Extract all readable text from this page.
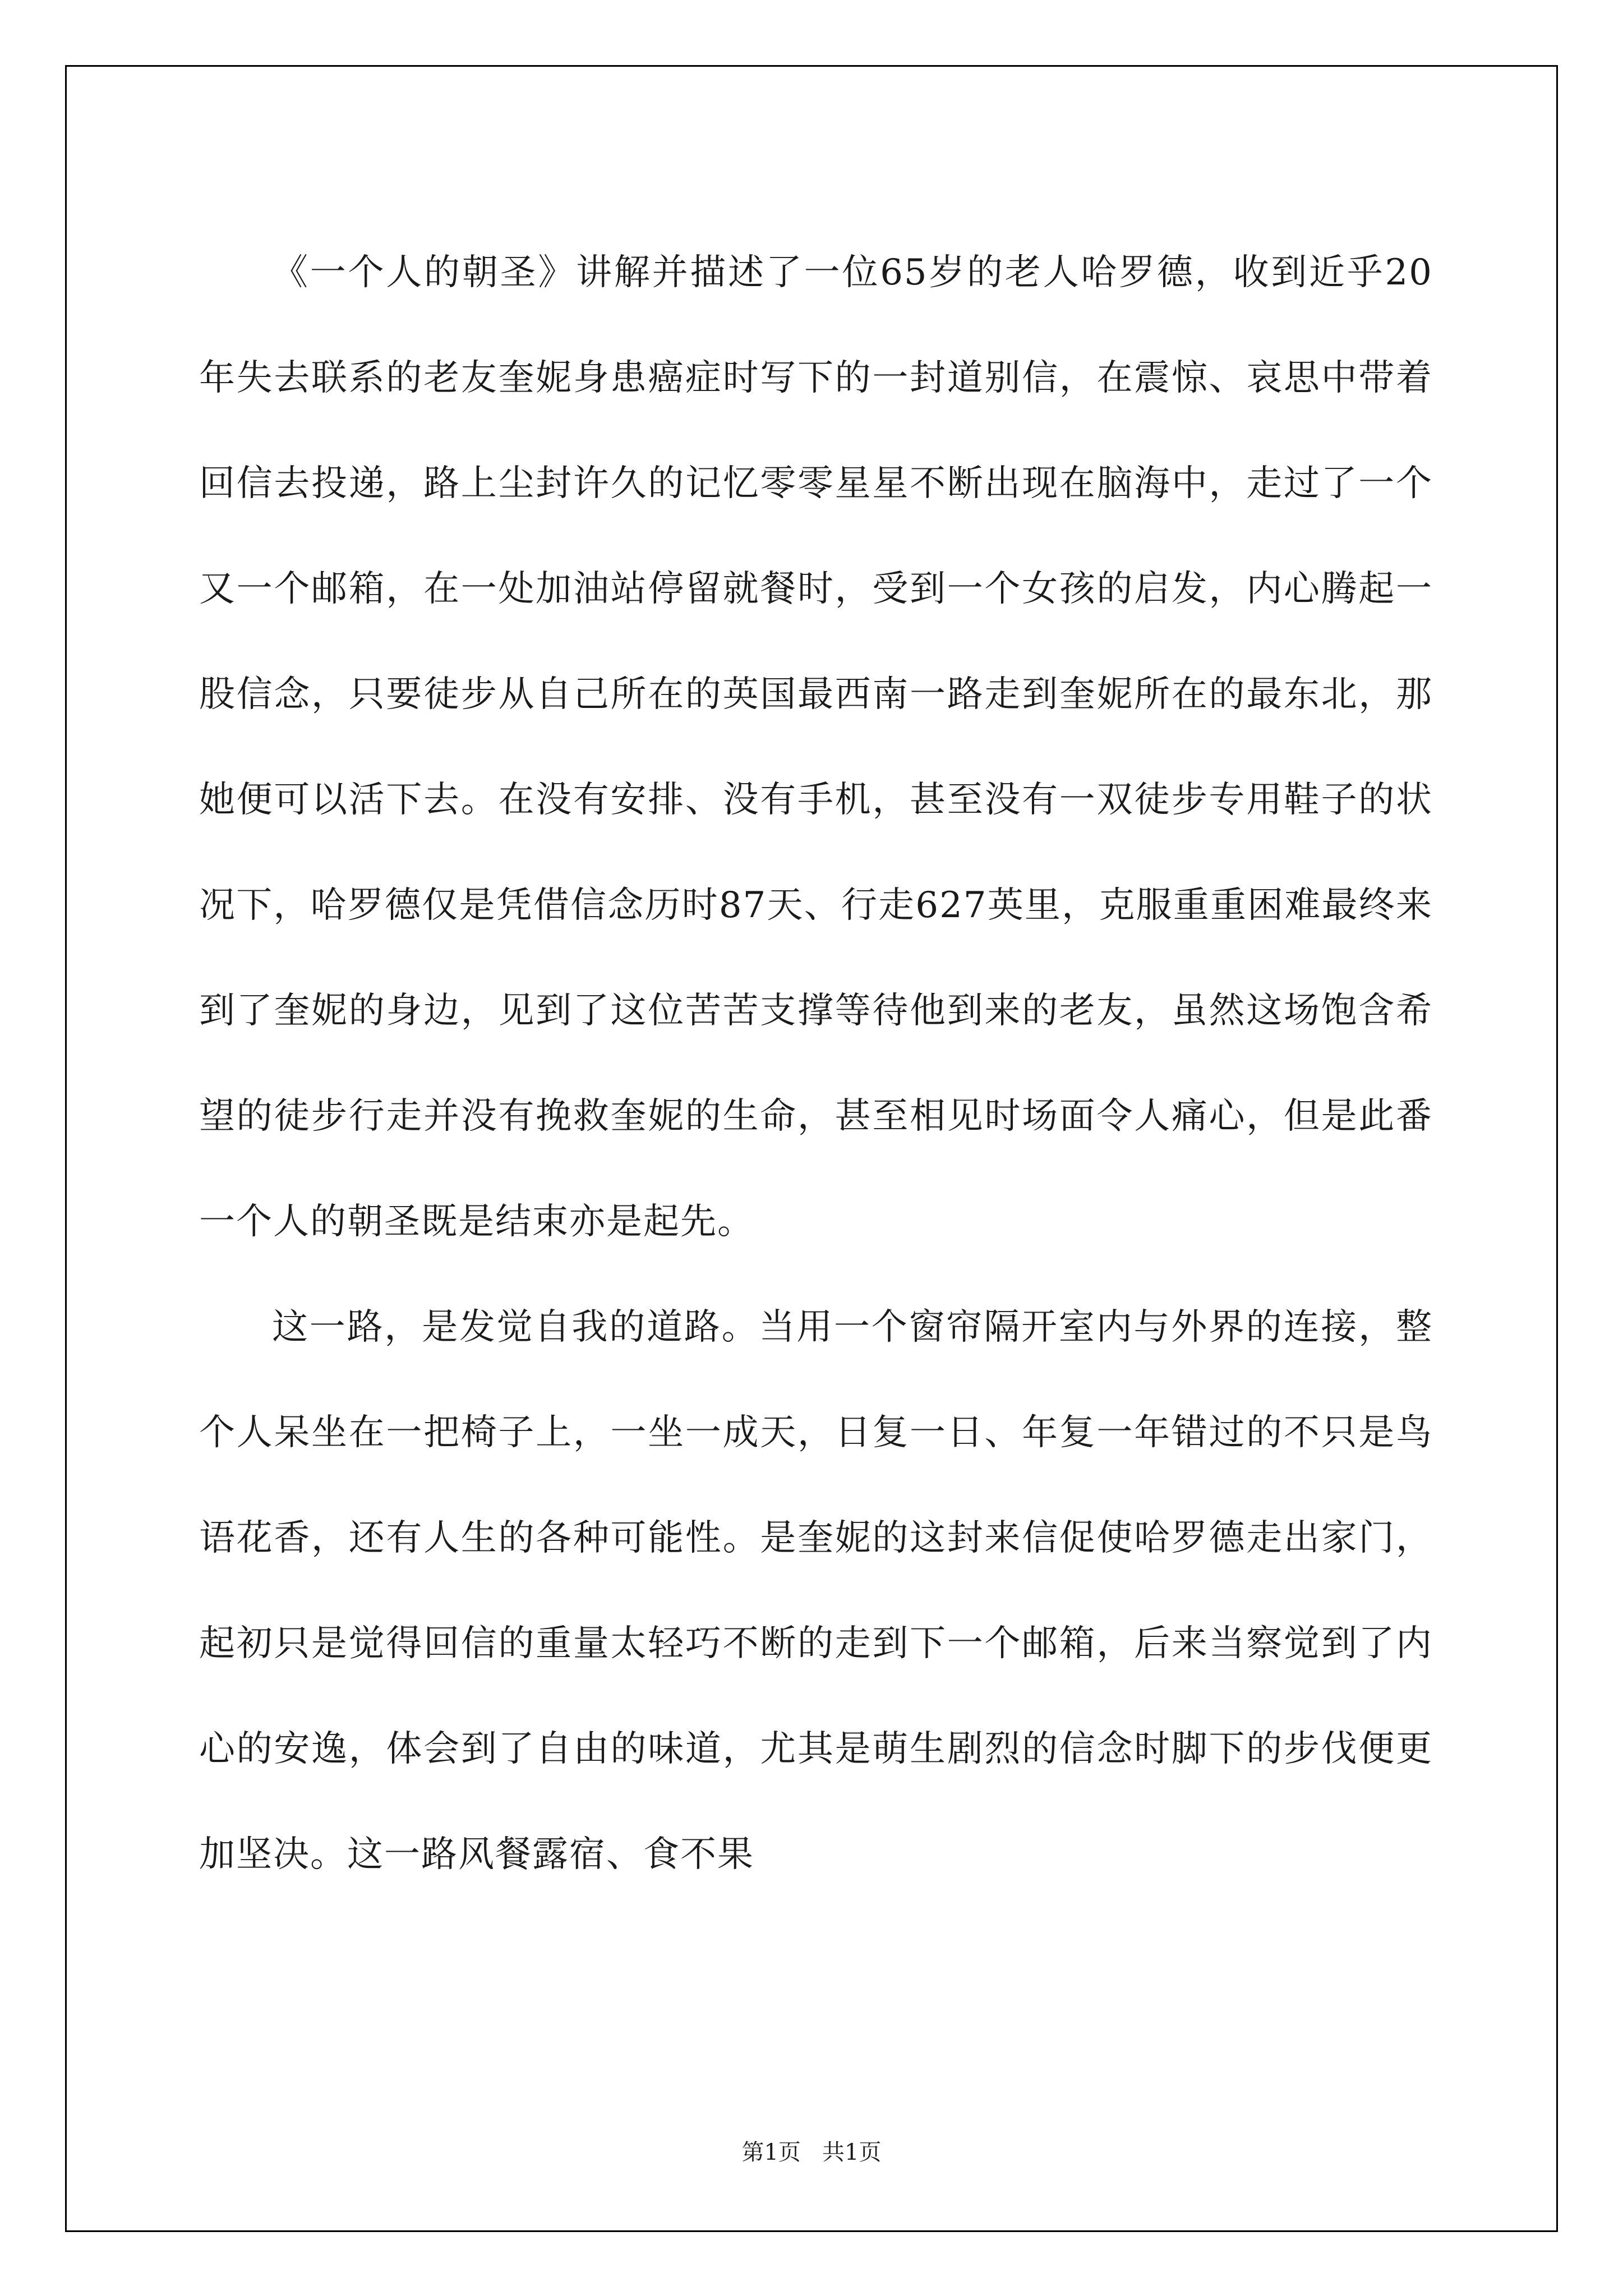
《一个人的朝圣》讲解并描述了一位65岁的老人哈罗德，收到近乎20年失去联系的老友奎妮身患癌症时写下的一封道别信，在震惊、哀思中带着回信去投递，路上尘封许久的记忆零零星星不断出现在脑海中，走过了一个又一个邮箱，在一处加油站停留就餐时，受到一个女孩的启发，内心腾起一股信念，只要徒步从自己所在的英国最西南一路走到奎妮所在的最东北，那她便可以活下去。在没有安排、没有手机，甚至没有一双徒步专用鞋子的状况下，哈罗德仅是凭借信念历时87天、行走627英里，克服重重困难最终来到了奎妮的身边，见到了这位苦苦支撑等待他到来的老友，虽然这场饱含希望的徒步行走并没有挽救奎妮的生命，甚至相见时场面令人痛心，但是此番一个人的朝圣既是结束亦是起先。

这一路，是发觉自我的道路。当用一个窗帘隔开室内与外界的连接，整个人呆坐在一把椅子上，一坐一成天，日复一日、年复一年错过的不只是鸟语花香，还有人生的各种可能性。是奎妮的这封来信促使哈罗德走出家门，起初只是觉得回信的重量太轻巧不断的走到下一个邮箱，后来当察觉到了内心的安逸，体会到了自由的味道，尤其是萌生剧烈的信念时脚下的步伐便更加坚决。这一路风餐露宿、食不果

第1页   共1页
